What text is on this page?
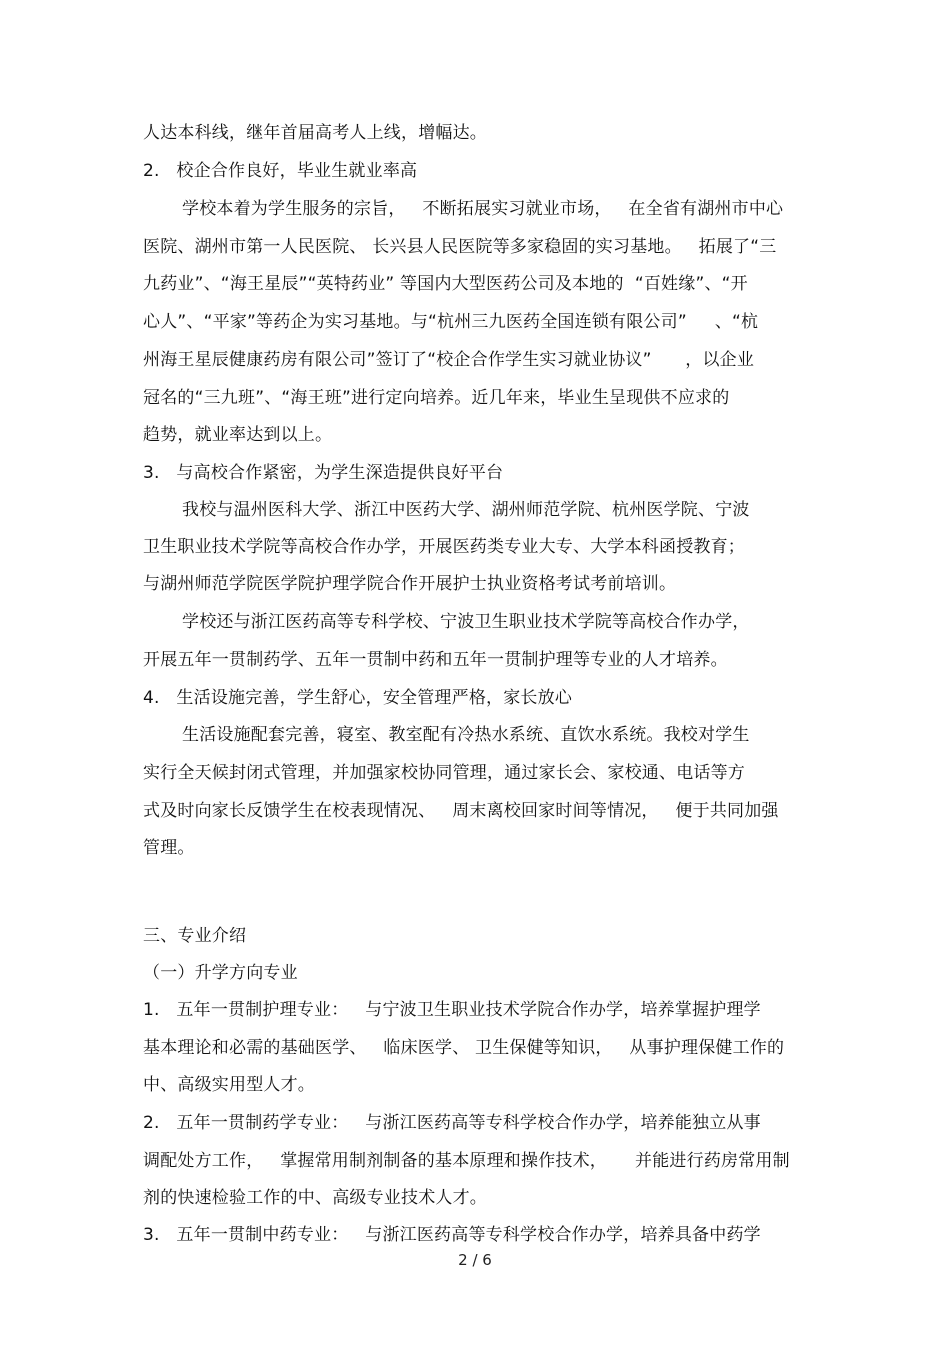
人达本科线，继年首届高考人上线，增幅达。
2.   校企合作良好，毕业生就业率高
学校本着为学生服务的宗旨，   不断拓展实习就业市场，   在全省有湖州市中心
医院、湖州市第一人民医院、 长兴县人民医院等多家稳固的实习基地。   拓展了“三
九药业”、“海王星辰”“英特药业” 等国内大型医药公司及本地的  “百姓缘”、“开
心人”、“平家”等药企为实习基地。与“杭州三九医药全国连锁有限公司”     、“杭
州海王星辰健康药房有限公司”签订了“校企合作学生实习就业协议”      ，以企业
冠名的“三九班”、“海王班”进行定向培养。近几年来，毕业生呈现供不应求的
趋势，就业率达到以上。
3.   与高校合作紧密，为学生深造提供良好平台
我校与温州医科大学、浙江中医药大学、湖州师范学院、杭州医学院、宁波
卫生职业技术学院等高校合作办学，开展医药类专业大专、大学本科函授教育；
与湖州师范学院医学院护理学院合作开展护士执业资格考试考前培训。
学校还与浙江医药高等专科学校、宁波卫生职业技术学院等高校合作办学，
开展五年一贯制药学、五年一贯制中药和五年一贯制护理等专业的人才培养。
4.   生活设施完善，学生舒心，安全管理严格，家长放心
生活设施配套完善，寝室、教室配有冷热水系统、直饮水系统。我校对学生
实行全天候封闭式管理，并加强家校协同管理，通过家长会、家校通、电话等方
式及时向家长反馈学生在校表现情况、   周末离校回家时间等情况，   便于共同加强
管理。
三、专业介绍
（一）升学方向专业
1.   五年一贯制护理专业：   与宁波卫生职业技术学院合作办学，培养掌握护理学
基本理论和必需的基础医学、   临床医学、 卫生保健等知识，   从事护理保健工作的
中、高级实用型人才。
2.   五年一贯制药学专业：   与浙江医药高等专科学校合作办学，培养能独立从事
调配处方工作，   掌握常用制剂制备的基本原理和操作技术，     并能进行药房常用制
剂的快速检验工作的中、高级专业技术人才。
3.   五年一贯制中药专业：   与浙江医药高等专科学校合作办学，培养具备中药学
2 / 6
